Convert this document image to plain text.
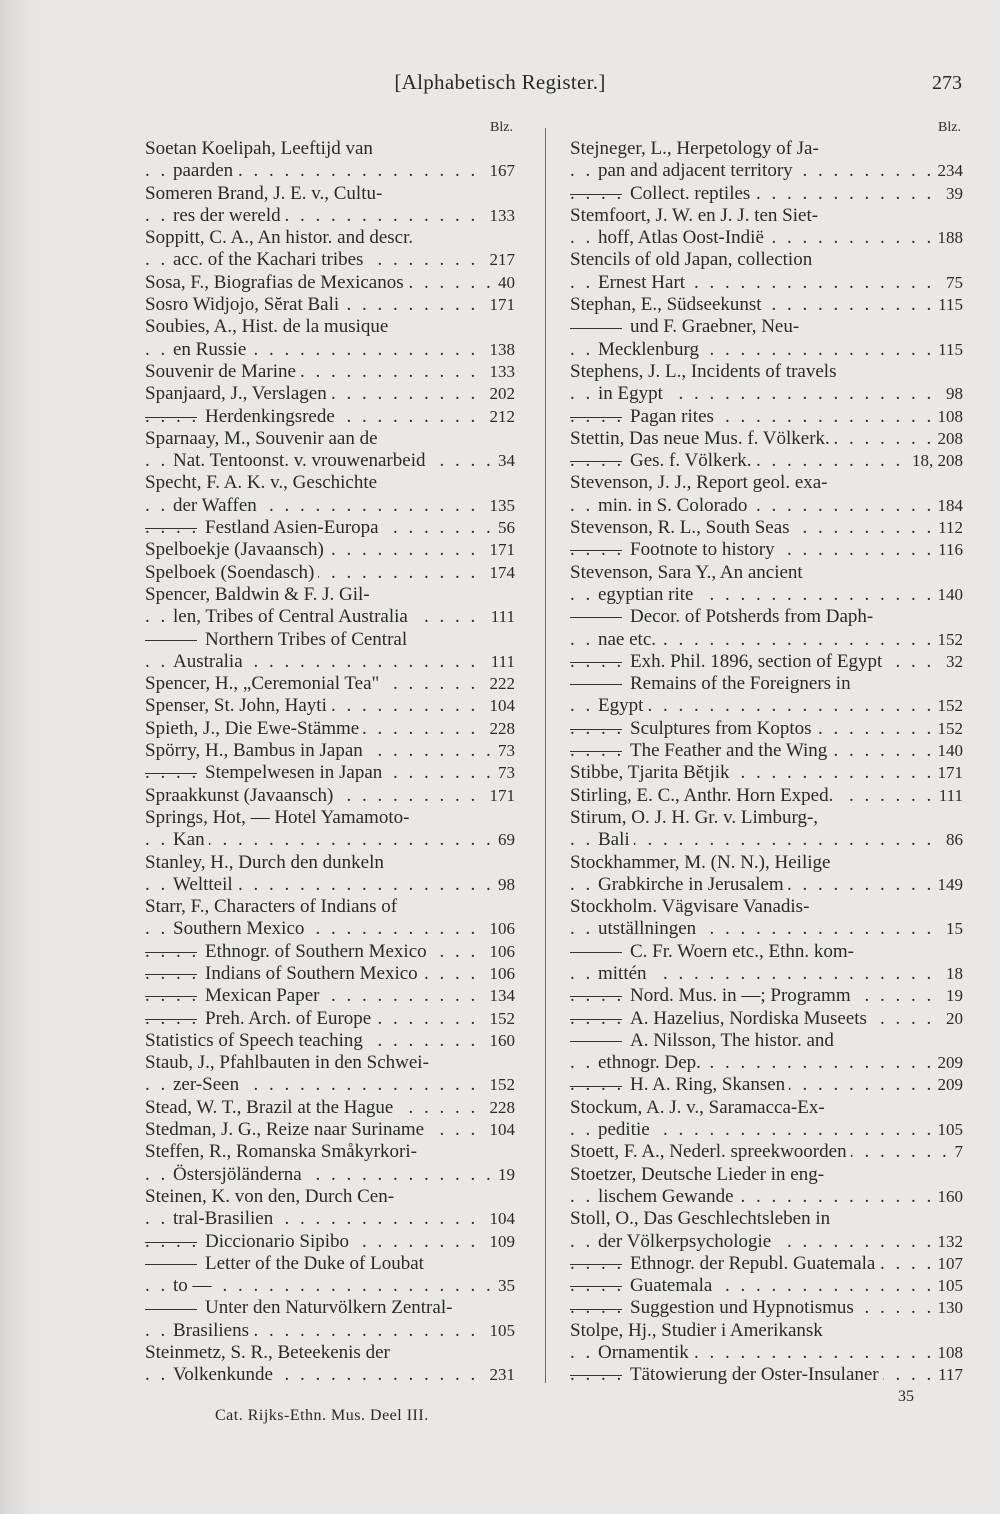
[Alphabetisch Register.]	273
Blz.
Soetan Koelipah, Leeftijd van
paarden	167
. . .
Someren Brand, J. E. v., Cultu-
res der wereld	133
. . .
Soppitt, C. A., An histor. and descr.
acc. of the Kachari tribes	217
. . .
Sosa, F., Biografias de Mexicanos	40
. . .
Sosro Widjojo, Sĕrat Bali	171
. . .
Soubies, A., Hist. de la musique
en Russie	138
. . .
Souvenir de Marine	133
. . .
Spanjaard, J., Verslagen	202
. . .
Herdenkingsrede	212
. . .
Sparnaay, M., Souvenir aan de
Nat. Tentoonst. v. vrouwenarbeid	34
. . .
Specht, F. A. K. v., Geschichte
der Waffen	135
. . .
Festland Asien-Europa	56
. . .
Spelboekje (Javaansch)	171
. . .
Spelboek (Soendasch)	174
. . .
Spencer, Baldwin & F. J. Gil-
len, Tribes of Central Australia	111
. . .
Northern Tribes of Central
Australia	111
. . .
Spencer, H., „Ceremonial Tea"	222
. . .
Spenser, St. John, Hayti	104
. . .
Spieth, J., Die Ewe-Stämme	228
. . .
Spörry, H., Bambus in Japan	73
. . .
Stempelwesen in Japan	73
. . .
Spraakkunst (Javaansch)	171
. . .
Springs, Hot, — Hotel Yamamoto-
Kan	69
. . .
Stanley, H., Durch den dunkeln
Weltteil	98
. . .
Starr, F., Characters of Indians of
Southern Mexico	106
. . .
Ethnogr. of Southern Mexico	106
. . .
Indians of Southern Mexico	106
. . .
Mexican Paper	134
. . .
Preh. Arch. of Europe	152
. . .
Statistics of Speech teaching	160
. . .
Staub, J., Pfahlbauten in den Schwei-
zer-Seen	152
. . .
Stead, W. T., Brazil at the Hague	228
. . .
Stedman, J. G., Reize naar Suriname	104
. . .
Steffen, R., Romanska Småkyrkori-
Östersjöländerna	19
. . .
Steinen, K. von den, Durch Cen-
tral-Brasilien	104
. . .
Diccionario Sipibo	109
. . .
Letter of the Duke of Loubat
to —	35
. . .
Unter den Naturvölkern Zentral-
Brasiliens	105
. . .
Steinmetz, S. R., Beteekenis der
Volkenkunde	231
. . .
Blz.
Stejneger, L., Herpetology of Ja-
pan and adjacent territory	234
. . .
Collect. reptiles	39
. . .
Stemfoort, J. W. en J. J. ten Siet-
hoff, Atlas Oost-Indië	188
. . .
Stencils of old Japan, collection
Ernest Hart	75
. . .
Stephan, E., Südseekunst	115
. . .
und F. Graebner, Neu-
Mecklenburg	115
. . .
Stephens, J. L., Incidents of travels
in Egypt	98
. . .
Pagan rites	108
. . .
Stettin, Das neue Mus. f. Völkerk.	208
. . .
Ges. f. Völkerk.	18, 208
. . .
Stevenson, J. J., Report geol. exa-
min. in S. Colorado	184
. . .
Stevenson, R. L., South Seas	112
. . .
Footnote to history	116
. . .
Stevenson, Sara Y., An ancient
egyptian rite	140
. . .
Decor. of Potsherds from Daph-
nae etc.	152
. . .
Exh. Phil. 1896, section of Egypt	32
. . .
Remains of the Foreigners in
Egypt	152
. . .
Sculptures from Koptos	152
. . .
The Feather and the Wing	140
. . .
Stibbe, Tjarita Bĕtjik	171
. . .
Stirling, E. C., Anthr. Horn Exped.	111
. . .
Stirum, O. J. H. Gr. v. Limburg-,
Bali	86
. . .
Stockhammer, M. (N. N.), Heilige
Grabkirche in Jerusalem	149
. . .
Stockholm. Vägvisare Vanadis-
utställningen	15
. . .
C. Fr. Woern etc., Ethn. kom-
mittén	18
. . .
Nord. Mus. in —; Programm	19
. . .
A. Hazelius, Nordiska Museets	20
. . .
A. Nilsson, The histor. and
ethnogr. Dep.	209
. . .
H. A. Ring, Skansen	209
. . .
Stockum, A. J. v., Saramacca-Ex-
peditie	105
. . .
Stoett, F. A., Nederl. spreekwoorden	7
. . .
Stoetzer, Deutsche Lieder in eng-
lischem Gewande	160
. . .
Stoll, O., Das Geschlechtsleben in
der Völkerpsychologie	132
. . .
Ethnogr. der Republ. Guatemala	107
. . .
Guatemala	105
. . .
Suggestion und Hypnotismus	130
. . .
Stolpe, Hj., Studier i Amerikansk
Ornamentik	108
. . .
Tätowierung der Oster-Insulaner	117
. . .
Cat. Rijks-Ethn. Mus. Deel III.
35
